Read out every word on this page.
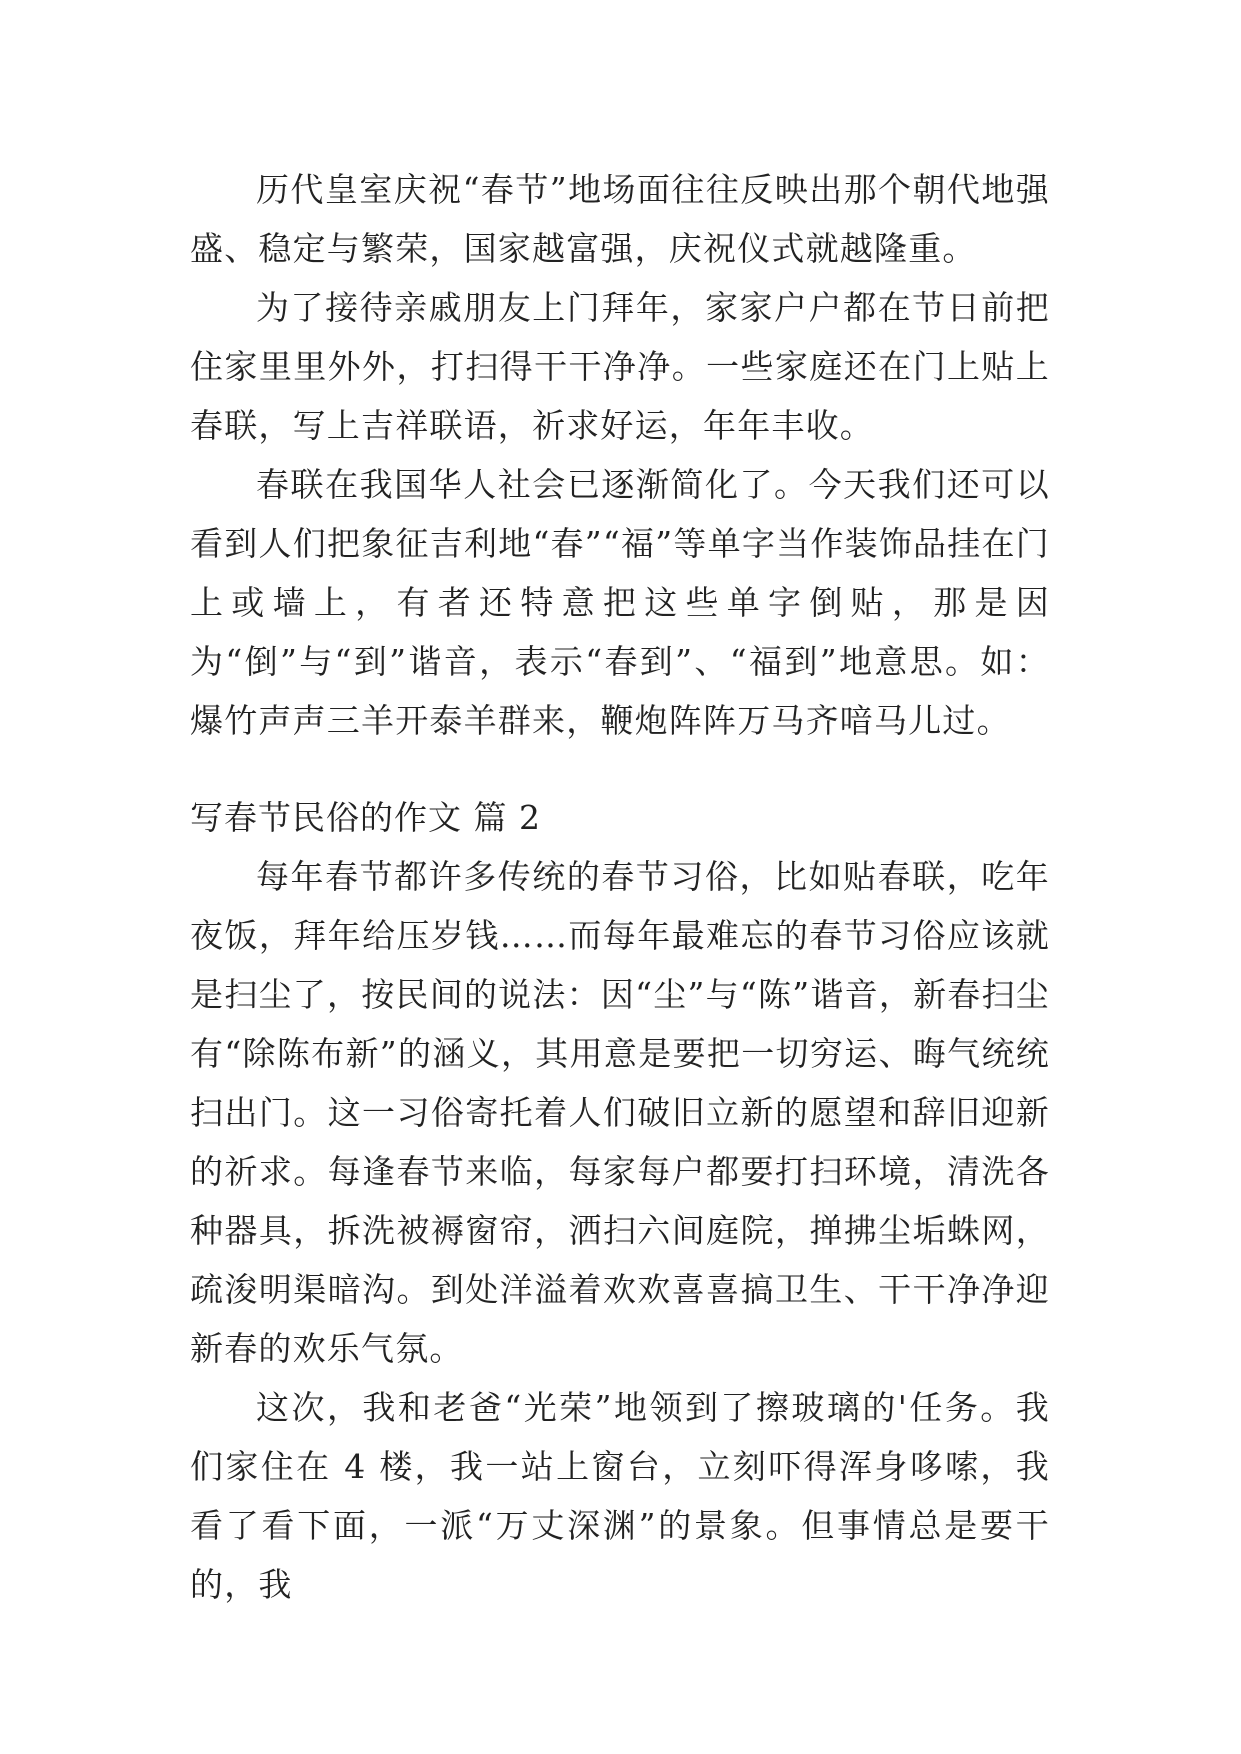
历代皇室庆祝“春节”地场面往往反映出那个朝代地强盛、稳定与繁荣，国家越富强，庆祝仪式就越隆重。

为了接待亲戚朋友上门拜年，家家户户都在节日前把住家里里外外，打扫得干干净净。一些家庭还在门上贴上春联，写上吉祥联语，祈求好运，年年丰收。

春联在我国华人社会已逐渐简化了。今天我们还可以看到人们把象征吉利地“春”“福”等单字当作装饰品挂在门上或墙上，有者还特意把这些单字倒贴，那是因为“倒”与“到”谐音，表示“春到”、“福到”地意思。如：爆竹声声三羊开泰羊群来，鞭炮阵阵万马齐喑马儿过。

写春节民俗的作文 篇 2

每年春节都许多传统的春节习俗，比如贴春联，吃年夜饭，拜年给压岁钱……而每年最难忘的春节习俗应该就是扫尘了，按民间的说法：因“尘”与“陈”谐音，新春扫尘有“除陈布新”的涵义，其用意是要把一切穷运、晦气统统扫出门。这一习俗寄托着人们破旧立新的愿望和辞旧迎新的祈求。每逢春节来临，每家每户都要打扫环境，清洗各种器具，拆洗被褥窗帘，洒扫六间庭院，掸拂尘垢蛛网，疏浚明渠暗沟。到处洋溢着欢欢喜喜搞卫生、干干净净迎新春的欢乐气氛。

这次，我和老爸“光荣”地领到了擦玻璃的'任务。我们家住在 4 楼，我一站上窗台，立刻吓得浑身哆嗦，我看了看下面，一派“万丈深渊”的景象。但事情总是要干的，我
